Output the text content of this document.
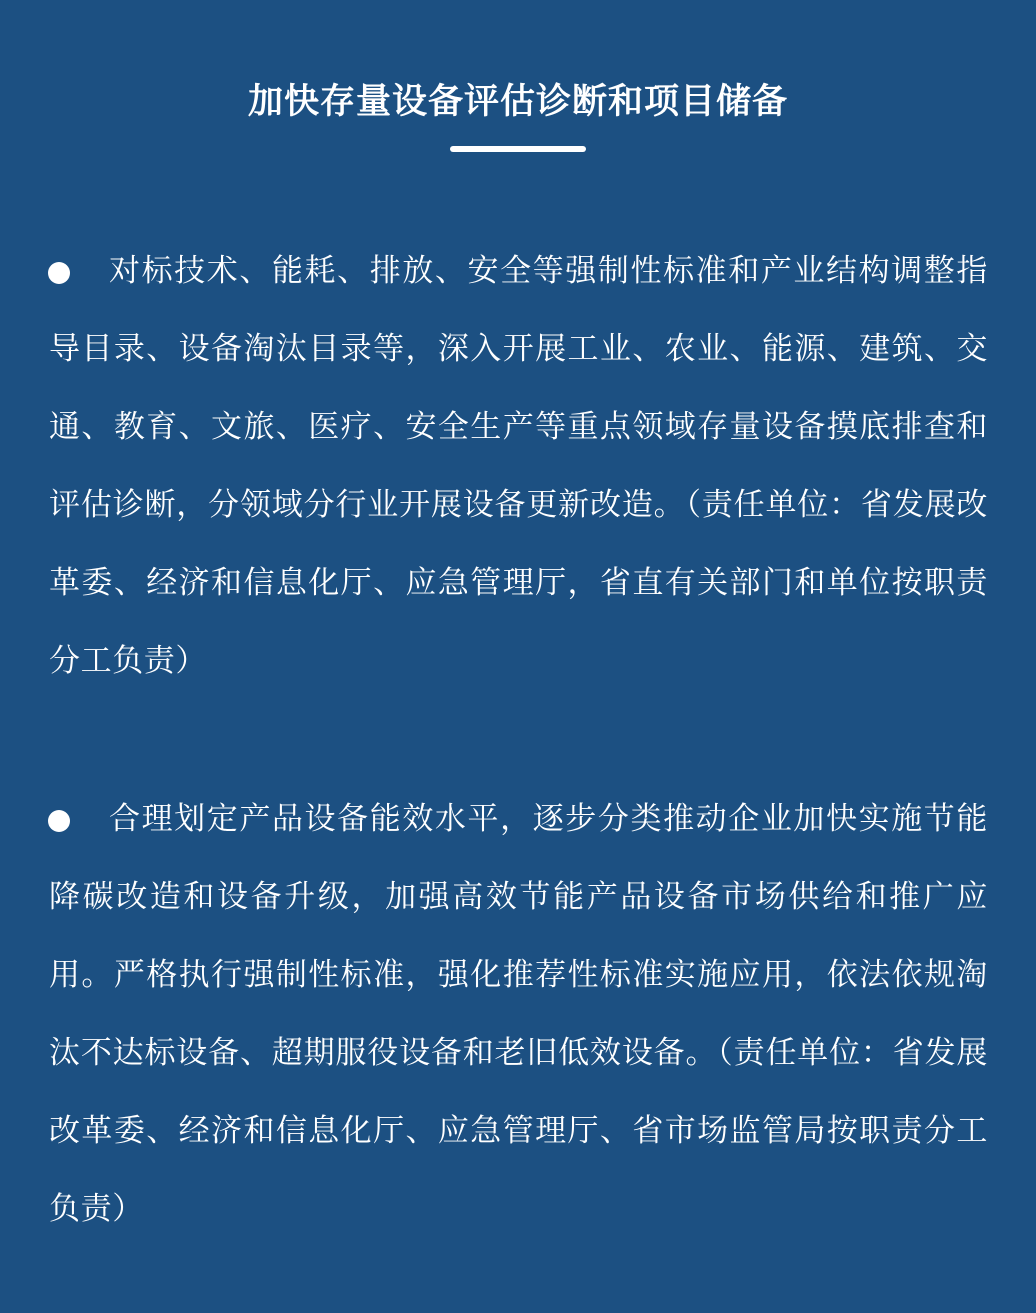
加快存量设备评估诊断和项目储备

对标技术、能耗、排放、安全等强制性标准和产业结构调整指导目录、设备淘汰目录等，深入开展工业、农业、能源、建筑、交通、教育、文旅、医疗、安全生产等重点领域存量设备摸底排查和评估诊断，分领域分行业开展设备更新改造。（责任单位：省发展改革委、经济和信息化厅、应急管理厅，省直有关部门和单位按职责分工负责）

合理划定产品设备能效水平，逐步分类推动企业加快实施节能降碳改造和设备升级，加强高效节能产品设备市场供给和推广应用。严格执行强制性标准，强化推荐性标准实施应用，依法依规淘汰不达标设备、超期服役设备和老旧低效设备。（责任单位：省发展改革委、经济和信息化厅、应急管理厅、省市场监管局按职责分工负责）
